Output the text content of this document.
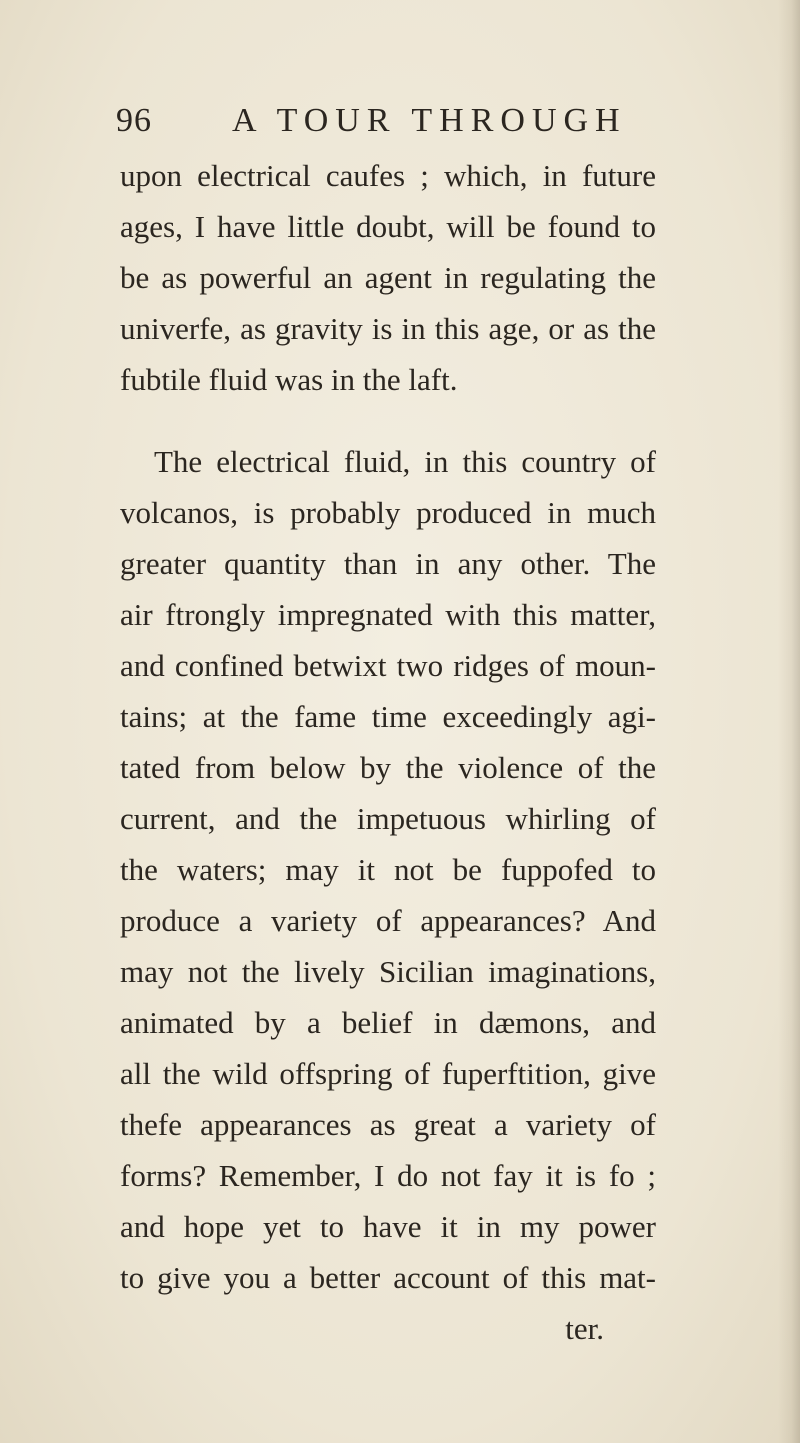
96 A TOUR THROUGH
upon electrical caufes ; which, in future
ages, I have little doubt, will be found to
be as powerful an agent in regulating the
univerfe, as gravity is in this age, or as the
fubtile fluid was in the laft.
The electrical fluid, in this country of
volcanos, is probably produced in much
greater quantity than in any other. The
air ftrongly impregnated with this matter,
and confined betwixt two ridges of moun-
tains; at the fame time exceedingly agi-
tated from below by the violence of the
current, and the impetuous whirling of
the waters; may it not be fuppofed to
produce a variety of appearances? And
may not the lively Sicilian imaginations,
animated by a belief in dæmons, and
all the wild offspring of fuperftition, give
thefe appearances as great a variety of
forms? Remember, I do not fay it is fo ;
and hope yet to have it in my power
to give you a better account of this mat-
ter.
